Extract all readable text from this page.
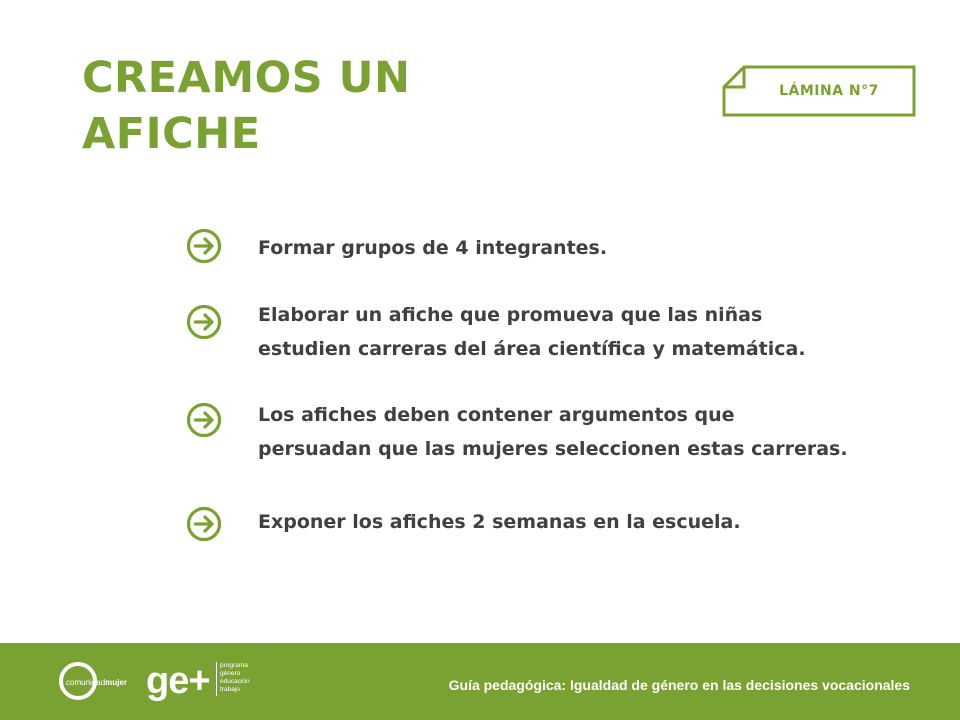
CREAMOS UN
AFICHE
LÁMINA N°7
Formar grupos de 4 integrantes.
Elaborar un afiche que promueva que las niñas
estudien carreras del área científica y matemática.
Los afiches deben contener argumentos que
persuadan que las mujeres seleccionen estas carreras.
Exponer los afiches 2 semanas en la escuela.
comunidadmujer ge+ programa
género
educación
trabajo	Guía pedagógica: Igualdad de género en las decisiones vocacionales
